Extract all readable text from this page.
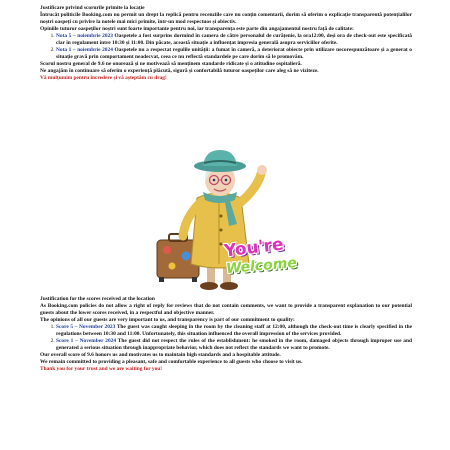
Justificare privind scorurile primite la locație

Întrucât politicile Booking.com nu permit un drept la replică pentru recenziile care nu conțin comentarii, dorim să oferim o explicație transparentă potențialilor noștri oaspeți cu privire la notele mai mici primite, într-un mod respectuos și obiectiv.

Opiniile tuturor oaspeților noștri sunt foarte importante pentru noi, iar transparența este parte din angajamentul nostru față de calitate:

1. Nota 5 – noiembrie 2023 Oaspetele a fost surprins dormind în camera de către personalul de curățenie, la ora12:00, deși ora de check-out este specificată clar în regulament între 10:30 și 11:00. Din păcate, această situație a influențat impresia generală asupra serviciilor oferite.
2. Nota 1 – noiembrie 2024 Oaspetele nu a respectat regulile unității: a fumat în cameră, a deteriorat obiecte prin utilizare necorespunzătoare și a generat o situație gravă prin comportament neadecvat, ceea ce nu reflectă standardele pe care dorim să le promovăm.

Scorul nostru general de 9.6 ne onorează și ne motivează să menținem standarde ridicate și o atitudine ospitalieră.

Ne angajăm în continuare să oferim o experiență plăcută, sigură și confortabilă tuturor oaspeților care aleg să ne viziteze.

Vă mulțumim pentru încredere și vă așteptăm cu drag!

You're
Welcome

Justification for the scores received at the location

As Booking.com policies do not allow a right of reply for reviews that do not contain comments, we want to provide a transparent explanation to our potential guests about the lower scores received, in a respectful and objective manner.

The opinions of all our guests are very important to us, and transparency is part of our commitment to quality:

1. Score 5 – November 2023 The guest was caught sleeping in the room by the cleaning staff at 12:00, although the check-out time is clearly specified in the regulations between 10:30 and 11:00. Unfortunately, this situation influenced the overall impression of the services provided.
2. Score 1 – November 2024 The guest did not respect the rules of the establishment: he smoked in the room, damaged objects through improper use and generated a serious situation through inappropriate behavior, which does not reflect the standards we want to promote.

Our overall score of 9.6 honors us and motivates us to maintain high standards and a hospitable attitude.

We remain committed to providing a pleasant, safe and comfortable experience to all guests who choose to visit us.

Thank you for your trust and we are waiting for you!
